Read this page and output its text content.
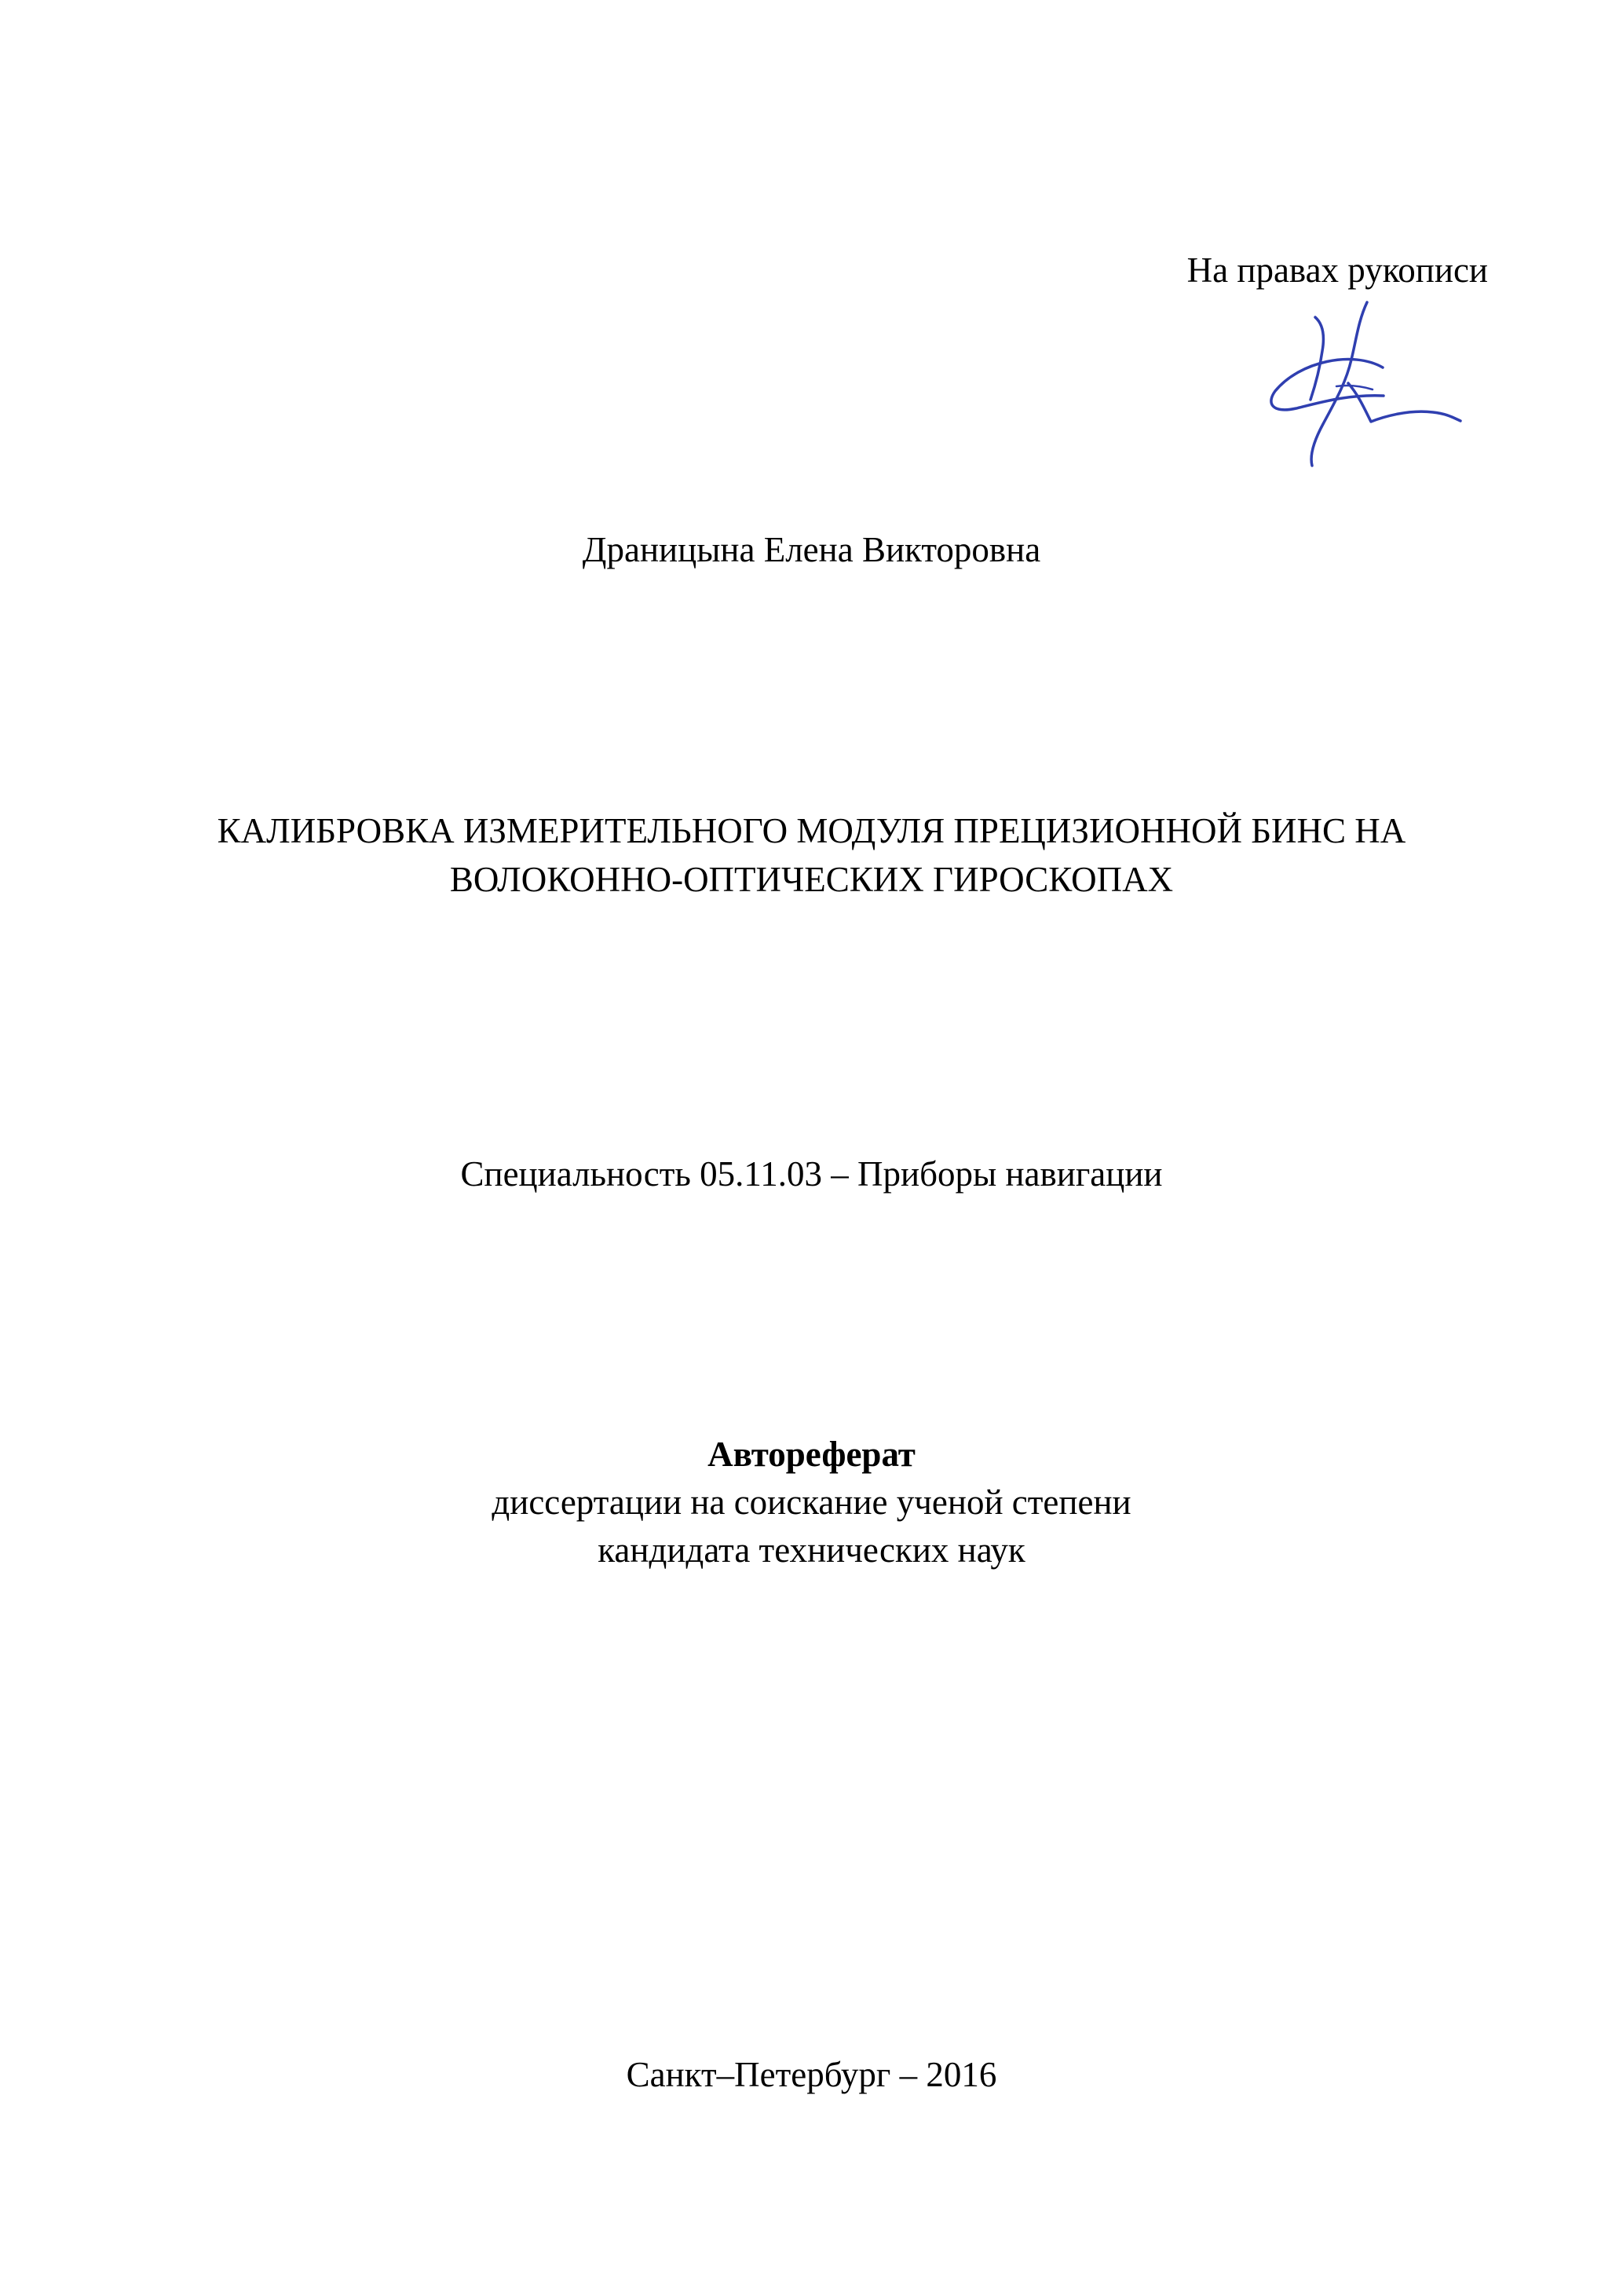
На правах рукописи
Драницына Елена Викторовна
КАЛИБРОВКА ИЗМЕРИТЕЛЬНОГО МОДУЛЯ ПРЕЦИЗИОННОЙ БИНС НА
ВОЛОКОННО-ОПТИЧЕСКИХ ГИРОСКОПАХ
Специальность 05.11.03 – Приборы навигации
Автореферат
диссертации на соискание ученой степени
кандидата технических наук
Санкт–Петербург – 2016
